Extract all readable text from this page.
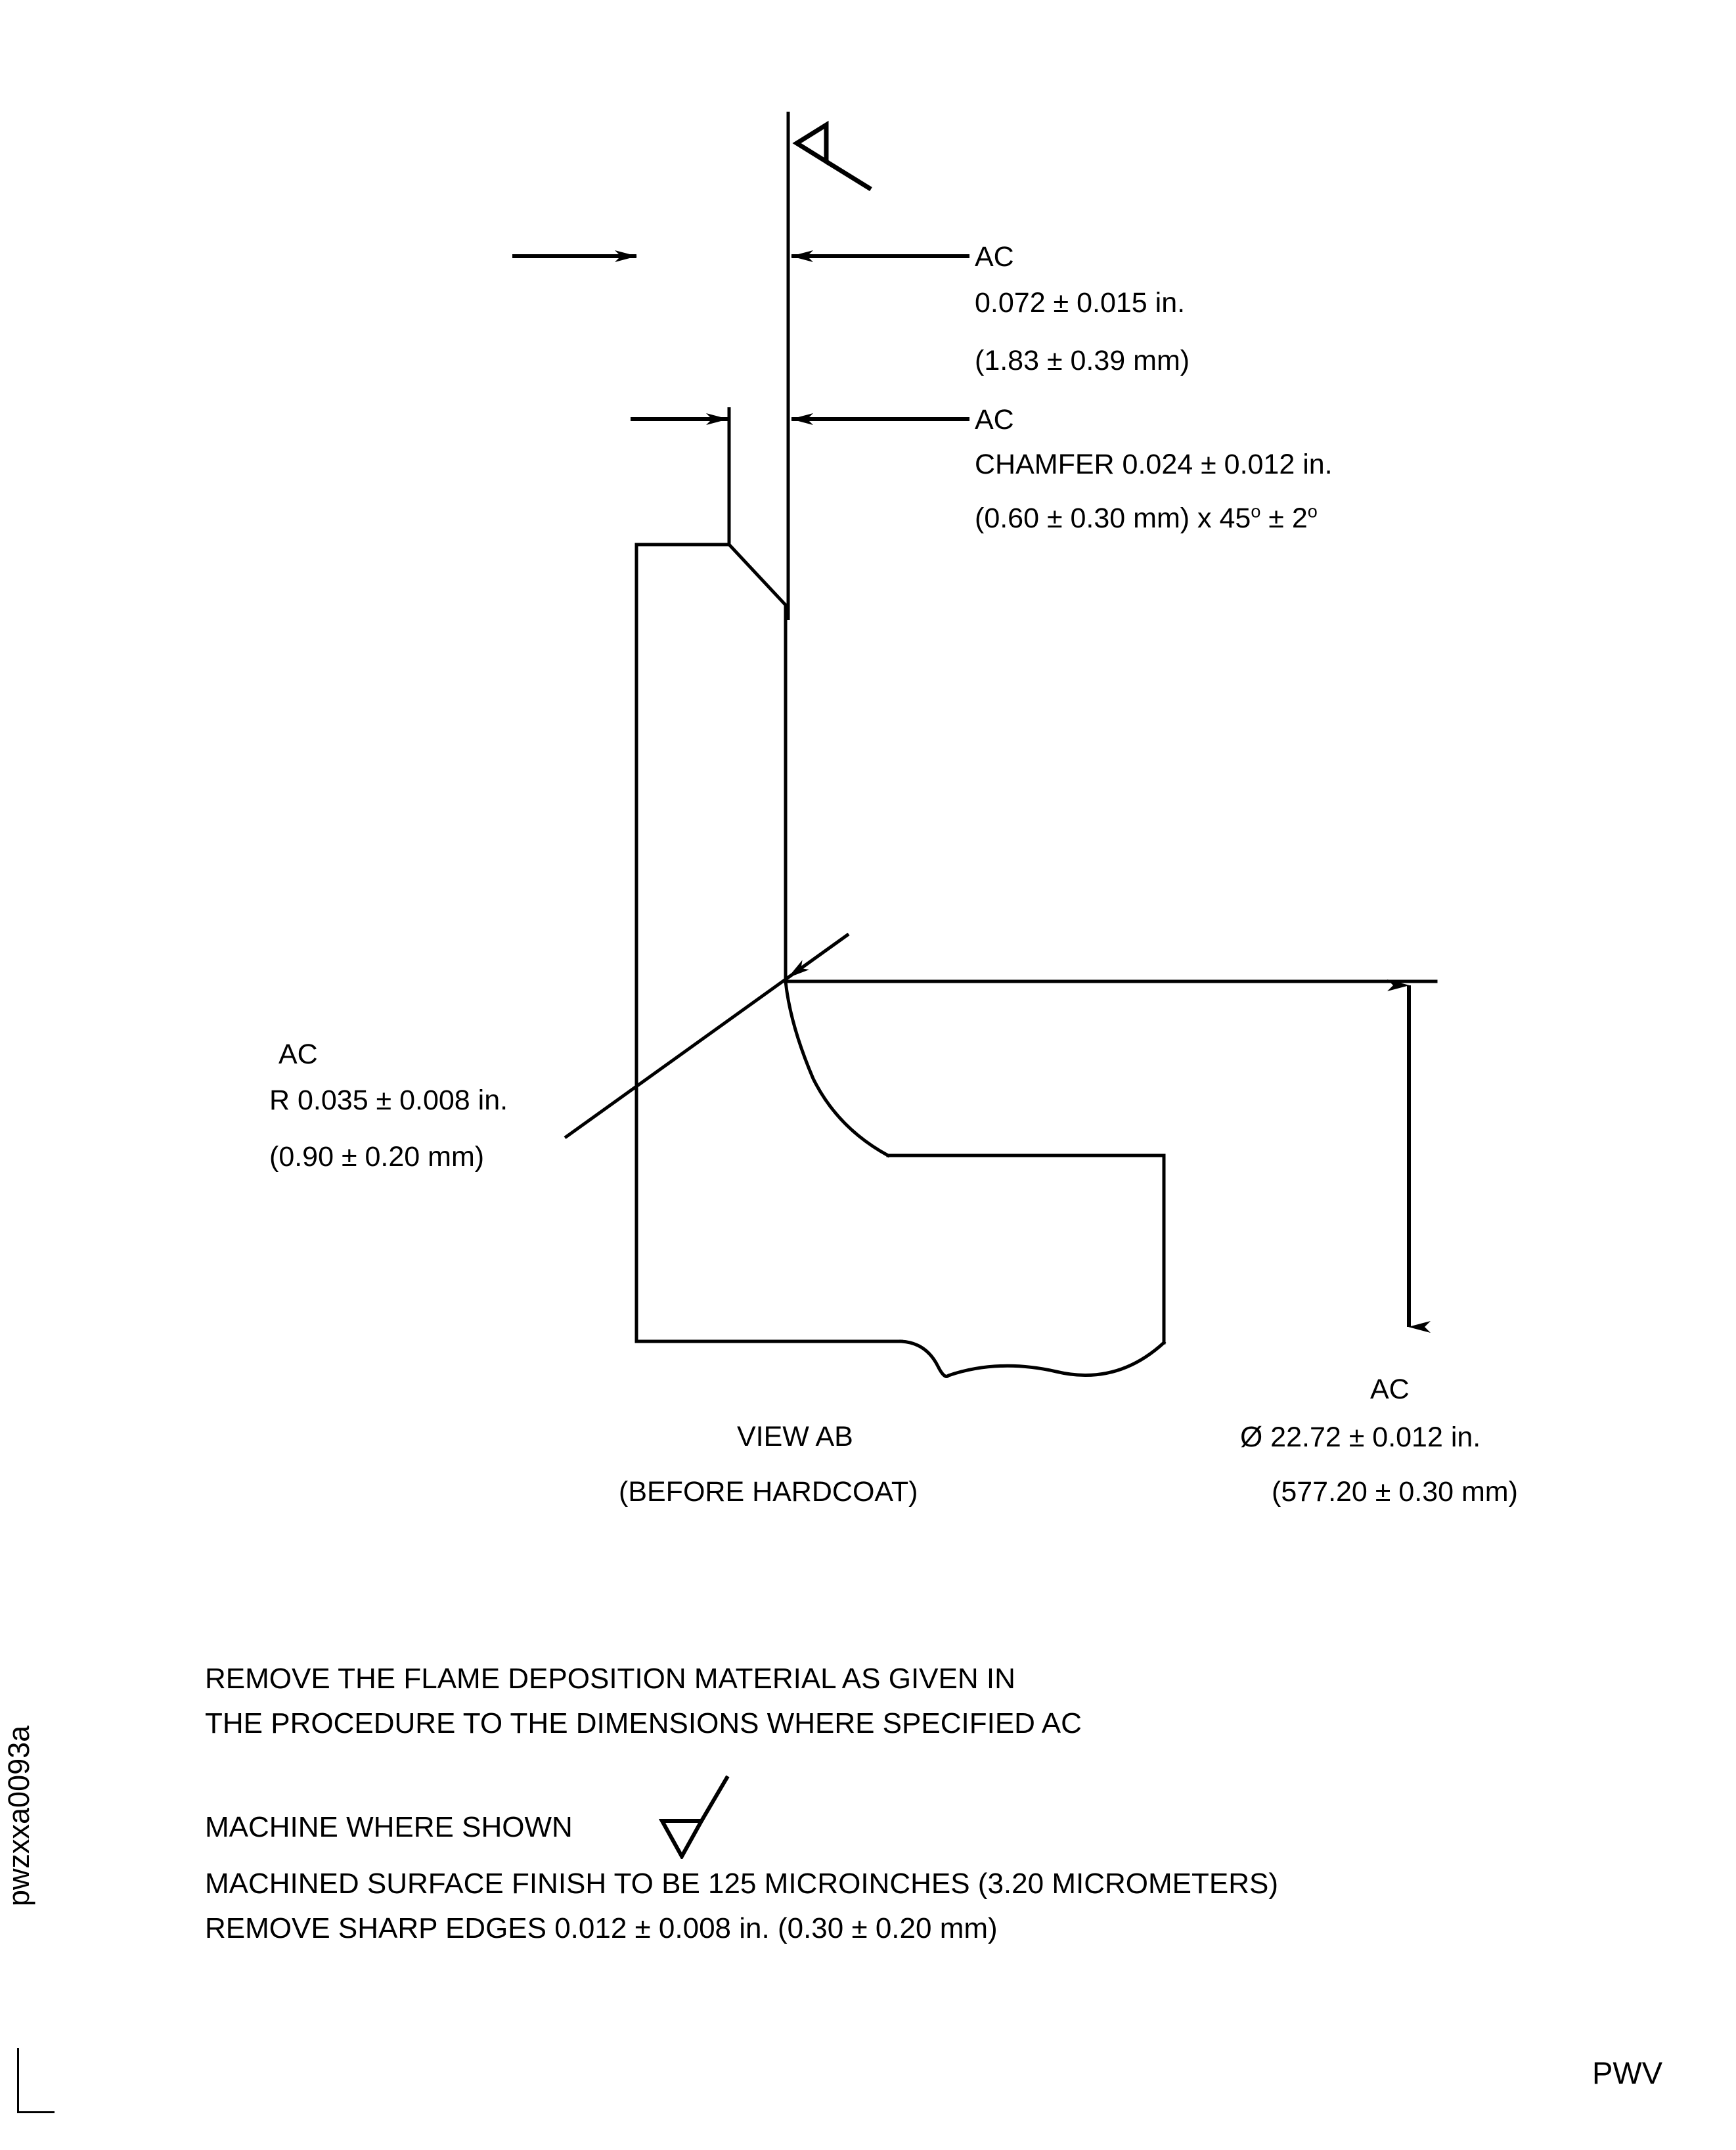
AC
0.072 ± 0.015 in.
(1.83 ± 0.39 mm)
AC
CHAMFER 0.024 ± 0.012 in.
(0.60 ± 0.30 mm) x $45^o \pm 2^o$
AC
R 0.035 ± 0.008 in.
(0.90 ± 0.20 mm)
AC
Ø 22.72 ± 0.012 in.
(577.20 ± 0.30 mm)
VIEW AB
(BEFORE HARDCOAT)
REMOVE THE FLAME DEPOSITION MATERIAL AS GIVEN IN
THE PROCEDURE TO THE DIMENSIONS WHERE SPECIFIED AC
MACHINE WHERE SHOWN
MACHINED SURFACE FINISH TO BE 125 MICROINCHES (3.20 MICROMETERS)
REMOVE SHARP EDGES 0.012 ± 0.008 in. (0.30 ± 0.20 mm)
pwzxxa0093a
PWV
